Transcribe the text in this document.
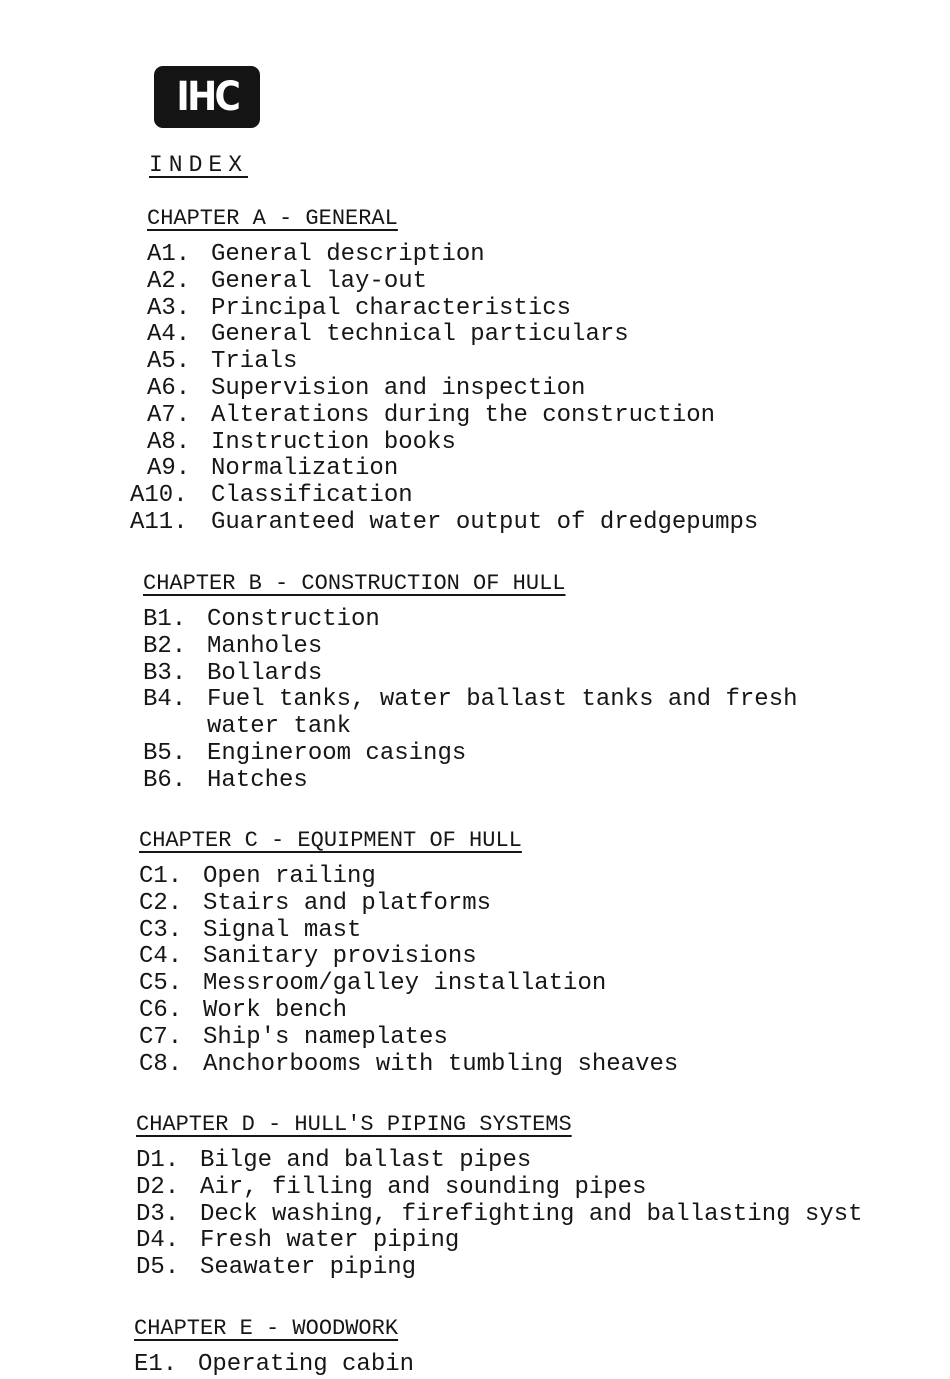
IHC
INDEX
CHAPTER A - GENERAL
A1. General description
A2. General lay-out
A3. Principal characteristics
A4. General technical particulars
A5. Trials
A6. Supervision and inspection
A7. Alterations during the construction
A8. Instruction books
A9. Normalization
A10. Classification
A11. Guaranteed water output of dredgepumps
CHAPTER B - CONSTRUCTION OF HULL
B1. Construction
B2. Manholes
B3. Bollards
B4. Fuel tanks, water ballast tanks and fresh
water tank
B5. Engineroom casings
B6. Hatches
CHAPTER C - EQUIPMENT OF HULL
C1. Open railing
C2. Stairs and platforms
C3. Signal mast
C4. Sanitary provisions
C5. Messroom/galley installation
C6. Work bench
C7. Ship's nameplates
C8. Anchorbooms with tumbling sheaves
CHAPTER D - HULL'S PIPING SYSTEMS
D1. Bilge and ballast pipes
D2. Air, filling and sounding pipes
D3. Deck washing, firefighting and ballasting syst
D4. Fresh water piping
D5. Seawater piping
CHAPTER E - WOODWORK
E1. Operating cabin
